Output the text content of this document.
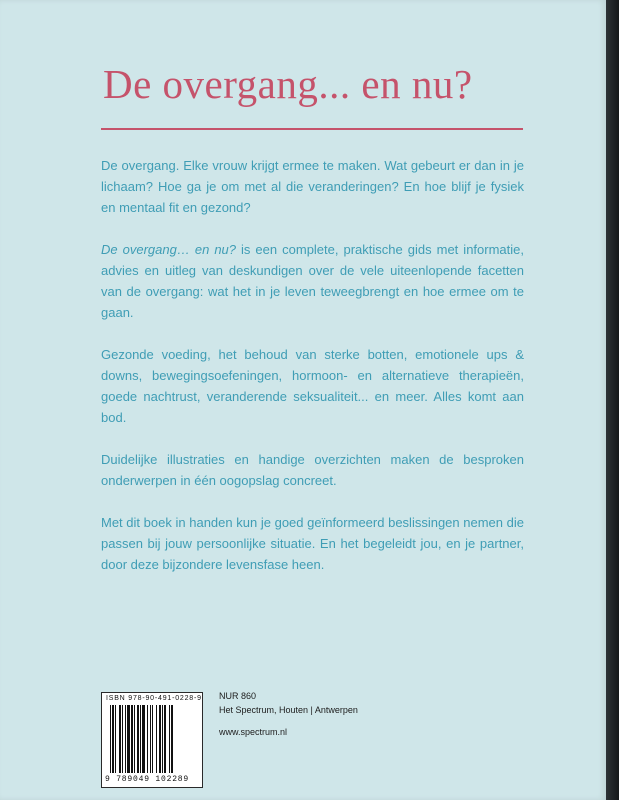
De overgang... en nu?

De overgang. Elke vrouw krijgt ermee te maken. Wat gebeurt er dan in je lichaam? Hoe ga je om met al die veranderingen? En hoe blijf je fysiek en mentaal fit en gezond?

De overgang… en nu? is een complete, praktische gids met informatie, advies en uitleg van deskundigen over de vele uiteenlopende facetten van de overgang: wat het in je leven teweegbrengt en hoe ermee om te gaan.

Gezonde voeding, het behoud van sterke botten, emotionele ups & downs, bewegingsoefeningen, hormoon- en alternatieve therapieën, goede nachtrust, veranderende seksualiteit... en meer. Alles komt aan bod.

Duidelijke illustraties en handige overzichten maken de besproken onderwerpen in één oogopslag concreet.

Met dit boek in handen kun je goed geïnformeerd beslissingen nemen die passen bij jouw persoonlijke situatie. En het begeleidt jou, en je partner, door deze bijzondere levensfase heen.

ISBN 978-90-491-0228-9
9 789049 102289
NUR 860
Het Spectrum, Houten | Antwerpen
www.spectrum.nl
